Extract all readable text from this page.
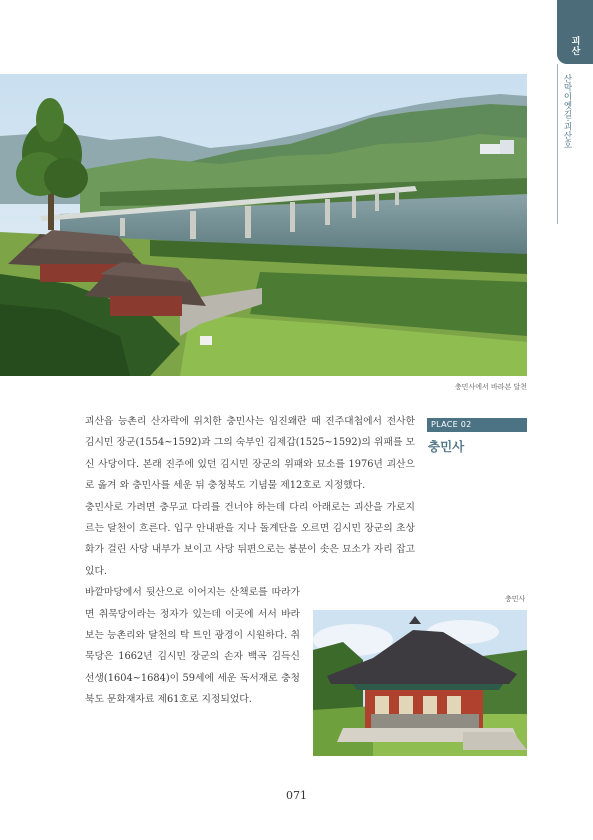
괴산
산막이옛길·괴산호
충민사에서 바라본 달천
PLACE 02
충민사

괴산읍 능촌리 산자락에 위치한 충민사는 임진왜란 때 진주대첩에서 전사한 김시민 장군(1554~1592)과 그의 숙부인 김제갑(1525~1592)의 위패를 모신 사당이다. 본래 진주에 있던 김시민 장군의 위패와 묘소를 1976년 괴산으로 옮겨 와 충민사를 세운 뒤 충청북도 기념물 제12호로 지정했다.

충민사로 가려면 충무교 다리를 건너야 하는데 다리 아래로는 괴산을 가로지르는 달천이 흐른다. 입구 안내판을 지나 돌계단을 오르면 김시민 장군의 초상화가 걸린 사당 내부가 보이고 사당 뒤편으로는 봉분이 솟은 묘소가 자리 잡고 있다.

바깥마당에서 뒷산으로 이어지는 산책로를 따라가면 취묵당이라는 정자가 있는데 이곳에 서서 바라보는 능촌리와 달천의 탁 트인 광경이 시원하다. 취묵당은 1662년 김시민 장군의 손자 백곡 김득신 선생(1604~1684)이 59세에 세운 독서재로 충청북도 문화재자료 제61호로 지정되었다.

충민사
071
